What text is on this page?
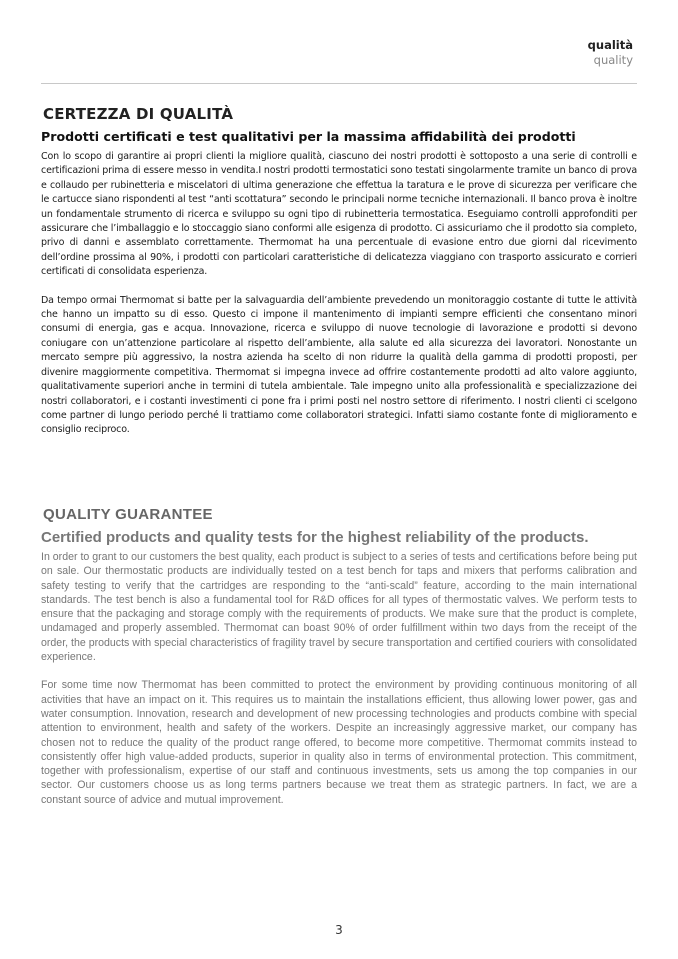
qualità
quality
CERTEZZA DI QUALITÀ
Prodotti certificati e test qualitativi per la massima affidabilità dei prodotti

Con lo scopo di garantire ai propri clienti la migliore qualità, ciascuno dei nostri prodotti è sottoposto a una serie di controlli e certificazioni prima di essere messo in vendita.I nostri prodotti termostatici sono testati singolarmente tramite un banco di prova e collaudo per rubinetteria e miscelatori di ultima generazione che effettua la taratura e le prove di sicurezza per verificare che le cartucce siano rispondenti al test “anti scottatura” secondo le principali norme tecniche internazionali. Il banco prova è inoltre un fondamentale strumento di ricerca e sviluppo su ogni tipo di rubinetteria termostatica. Eseguiamo controlli approfonditi per assicurare che l’imballaggio e lo stoccaggio siano conformi alle esigenza di prodotto. Ci assicuriamo che il prodotto sia completo, privo di danni e assemblato correttamente. Thermomat ha una percentuale di evasione entro due giorni dal ricevimento dell’ordine prossima al 90%, i prodotti con particolari caratteristiche di delicatezza viaggiano con trasporto assicurato e corrieri certificati di consolidata esperienza.

Da tempo ormai Thermomat si batte per la salvaguardia dell’ambiente prevedendo un monitoraggio costante di tutte le attività che hanno un impatto su di esso. Questo ci impone il mantenimento di impianti sempre efficienti che consentano minori consumi di energia, gas e acqua. Innovazione, ricerca e sviluppo di nuove tecnologie di lavorazione e prodotti si devono coniugare con un’attenzione particolare al rispetto dell’ambiente, alla salute ed alla sicurezza dei lavoratori. Nonostante un mercato sempre più aggressivo, la nostra azienda ha scelto di non ridurre la qualità della gamma di prodotti proposti, per divenire maggiormente competitiva. Thermomat si impegna invece ad offrire costantemente prodotti ad alto valore aggiunto, qualitativamente superiori anche in termini di tutela ambientale. Tale impegno unito alla professionalità e specializzazione dei nostri collaboratori, e i costanti investimenti ci pone fra i primi posti nel nostro settore di riferimento. I nostri clienti ci scelgono come partner di lungo periodo perché li trattiamo come collaboratori strategici. Infatti siamo costante fonte di miglioramento e consiglio reciproco.

QUALITY GUARANTEE
Certified products and quality tests for the highest reliability of the products.

In order to grant to our customers the best quality, each product is subject to a series of tests and certifications before being put on sale. Our thermostatic products are individually tested on a test bench for taps and mixers that performs calibration and safety testing to verify that the cartridges are responding to the “anti-scald” feature, according to the main international standards. The test bench is also a fundamental tool for R&D offices for all types of thermostatic valves. We perform tests to ensure that the packaging and storage comply with the requirements of products. We make sure that the product is complete, undamaged and properly assembled. Thermomat can boast 90% of order fulfillment within two days from the receipt of the order, the products with special characteristics of fragility travel by secure transportation and certified couriers with consolidated experience.

For some time now Thermomat has been committed to protect the environment by providing continuous monitoring of all activities that have an impact on it. This requires us to maintain the installations efficient, thus allowing lower power, gas and water consumption. Innovation, research and development of new processing technologies and products combine with special attention to environment, health and safety of the workers. Despite an increasingly aggressive market, our company has chosen not to reduce the quality of the product range offered, to become more competitive. Thermomat commits instead to consistently offer high value-added products, superior in quality also in terms of environmental protection. This commitment, together with professionalism, expertise of our staff and continuous investments, sets us among the top companies in our sector. Our customers choose us as long terms partners because we treat them as strategic partners. In fact, we are a constant source of advice and mutual improvement.

3
